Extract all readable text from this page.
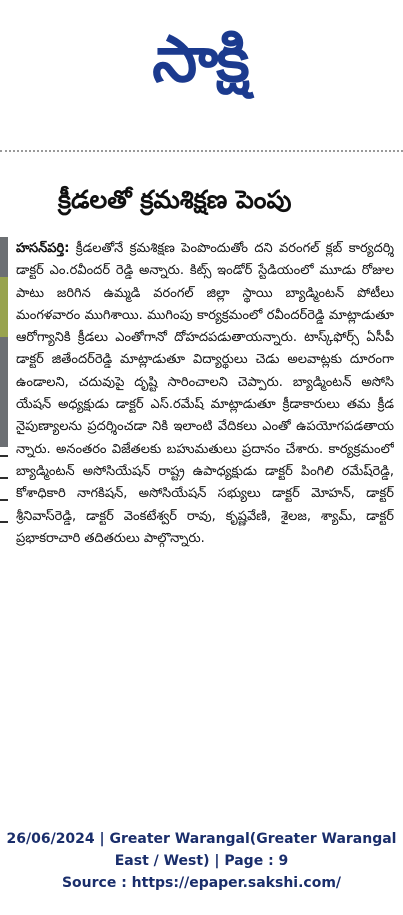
సాక్షి
క్రీడలతో క్రమశిక్షణ పెంపు

హసన్‌పర్తి: క్రీడలతోనే క్రమశిక్షణ పెంపొందుతోం దని వరంగల్‌ క్లబ్‌ కార్యదర్శి డాక్టర్‌ ఎం.రవీందర్‌ రెడ్డి అన్నారు. కిట్స్‌ ఇండోర్‌ స్టేడియంలో మూడు రోజుల పాటు జరిగిన ఉమ్మడి వరంగల్‌ జిల్లా స్థాయి బ్యాడ్మింటన్‌ పోటీలు మంగళవారం ముగిశాయి. ముగింపు కార్యక్రమంలో రవీందర్‌రెడ్డి మాట్లాడుతూ ఆరోగ్యానికి క్రీడలు ఎంతోగానో దోహదపడుతాయన్నారు. టాస్క్‌ఫోర్స్‌ ఏసీపీ డాక్టర్‌ జితేందర్‌రెడ్డి మాట్లాడుతూ విద్యార్థులు చెడు అలవాట్లకు దూరంగా ఉండాలని, చదువుపై దృష్టి సారించాలని చెప్పారు. బ్యాడ్మింటన్‌ అసోసి యేషన్‌ అధ్యక్షుడు డాక్టర్‌ ఎస్‌.రమేష్‌ మాట్లాడుతూ క్రీడాకారులు తమ క్రీడ నైపుణ్యాలను ప్రదర్శించడా నికి ఇలాంటి వేదికలు ఎంతో ఉపయోగపడతాయ న్నారు. అనంతరం విజేతలకు బహుమతులు ప్రదానం చేశారు. కార్యక్రమంలో బ్యాడ్మింటన్‌ అసోసియేషన్‌ రాష్ట్ర ఉపాధ్యక్షుడు డాక్టర్‌ పింగిలి రమేష్‌రెడ్డి, కోశాధికారి నాగకిషన్‌, అసోసియేషన్‌ సభ్యులు డాక్టర్‌ మోహన్‌, డాక్టర్‌ శ్రీనివాస్‌రెడ్డి, డాక్టర్‌ వెంకటేశ్వర్‌ రావు, కృష్ణవేణి, శైలజ, శ్యామ్‌, డాక్టర్‌ ప్రభాకరాచారి తదితరులు పాల్గొన్నారు.

26/06/2024 | Greater Warangal(Greater Warangal
East / West) | Page : 9
Source : https://epaper.sakshi.com/
